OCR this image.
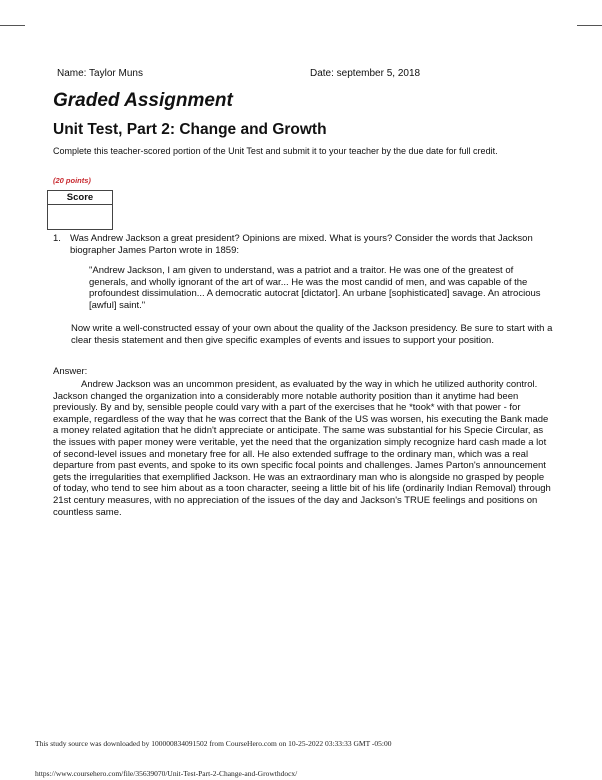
Name: Taylor Muns	Date: september 5, 2018
Graded Assignment
Unit Test, Part 2: Change and Growth
Complete this teacher-scored portion of the Unit Test and submit it to your teacher by the due date for full credit.
(20 points)
Score
1. Was Andrew Jackson a great president? Opinions are mixed. What is yours? Consider the words that Jackson biographer James Parton wrote in 1859:
"Andrew Jackson, I am given to understand, was a patriot and a traitor. He was one of the greatest of generals, and wholly ignorant of the art of war... He was the most candid of men, and was capable of the profoundest dissimulation... A democratic autocrat [dictator]. An urbane [sophisticated] savage. An atrocious [awful] saint."
Now write a well-constructed essay of your own about the quality of the Jackson presidency. Be sure to start with a clear thesis statement and then give specific examples of events and issues to support your position.
Answer:
Andrew Jackson was an uncommon president, as evaluated by the way in which he utilized authority control. Jackson changed the organization into a considerably more notable authority position than it anytime had been previously. By and by, sensible people could vary with a part of the exercises that he *took* with that power - for example, regardless of the way that he was correct that the Bank of the US was worsen, his executing the Bank made a money related agitation that he didn't appreciate or anticipate. The same was substantial for his Specie Circular, as the issues with paper money were veritable, yet the need that the organization simply recognize hard cash made a lot of second-level issues and monetary free for all. He also extended suffrage to the ordinary man, which was a real departure from past events, and spoke to its own specific focal points and challenges. James Parton's announcement gets the irregularities that exemplified Jackson. He was an extraordinary man who is alongside no grasped by people of today, who tend to see him about as a toon character, seeing a little bit of his life (ordinarily Indian Removal) through 21st century measures, with no appreciation of the issues of the day and Jackson's TRUE feelings and positions on countless same.
This study source was downloaded by 100000834091502 from CourseHero.com on 10-25-2022 03:33:33 GMT -05:00
https://www.coursehero.com/file/35639070/Unit-Test-Part-2-Change-and-Growthdocx/
